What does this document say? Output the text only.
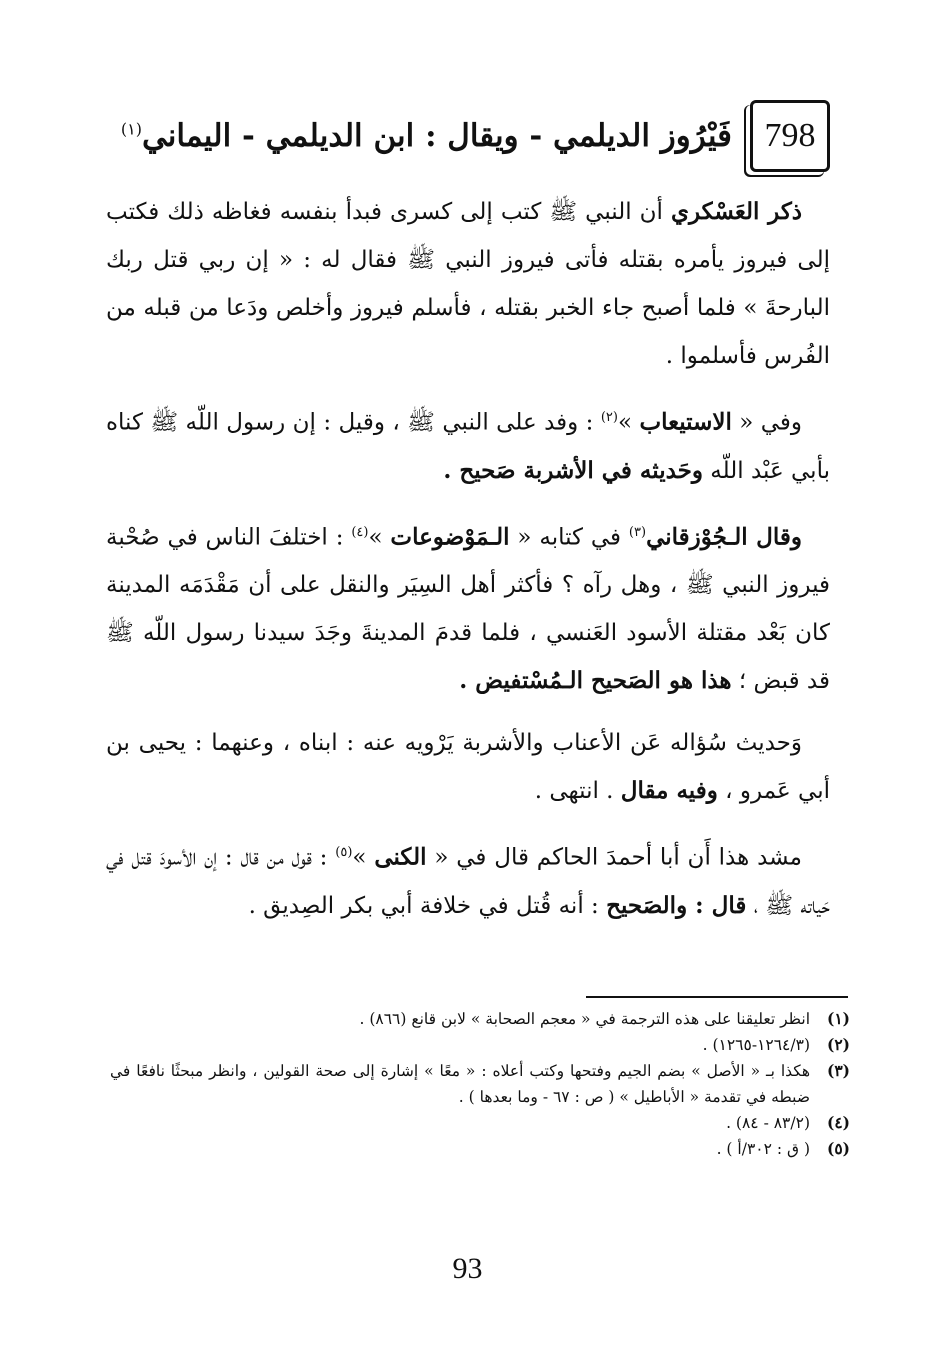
798
فَيْرُوز الديلمي - ويقال : ابن الديلمي - اليماني$^{(١)}$

ذكر العَسْكري أن النبي ﷺ كتب إلى كسرى فبدأ بنفسه فغاظه ذلك فكتب إلى فيروز يأمره بقتله فأتى فيروز النبي ﷺ فقال له : « إن ربي قتل ربك البارحةَ » فلما أصبح جاء الخبر بقتله ، فأسلم فيروز وأخلص ودَعا من قبله من الفُرس فأسلموا .

وفي « الاستيعاب »$^{(٢)}$ : وفد على النبي ﷺ ، وقيل : إن رسول اللّه ﷺ كناه بأبي عَبْد اللّه وحَديثه في الأشربة صَحيح .

وقال الـجُوْزقاني$^{(٣)}$ في كتابه « الـمَوْضوعات »$^{(٤)}$ : اختلفَ الناس في صُحْبة فيروز النبي ﷺ ، وهل رآه ؟ فأكثر أهل السِيَر والنقل على أن مَقْدَمَه المدينة كان بَعْد مقتلة الأسود العَنسي ، فلما قدمَ المدينةَ وجَدَ سيدنا رسول اللّه ﷺ قد قبض ؛ هذا هو الصَحيح الـمُسْتفيض .

وَحديث سُؤاله عَن الأعناب والأشربة يَرْويه عنه : ابناه ، وعنهما : يحيى بن أبي عَمرو ، وفيه مقال . انتهى .

مشد هذا أَن أبا أحمدَ الحاكم قال في « الكنى »$^{(٥)}$ : قول من قال : إن الأسودَ قتل في حَياته ﷺ ، قال : والصَحيح : أنه قُتل في خلافة أبي بكر الصِديق .

(١)
انظر تعليقنا على هذه الترجمة في « معجم الصحابة » لابن قانع (٨٦٦) .
(٢)
(١٢٦٤/٣-١٢٦٥) .
(٣)
هكذا بـ « الأصل » بضم الجيم وفتحها وكتب أعلاه : « معًا » إشارة إلى صحة القولين ، وانظر مبحثًا نافعًا في ضبطه في تقدمة « الأباطيل » ( ص : ٦٧ - وما بعدها ) .
(٤)
(٨٣/٢ - ٨٤) .
(٥)
( ق : ٣٠٢/أ ) .
93
